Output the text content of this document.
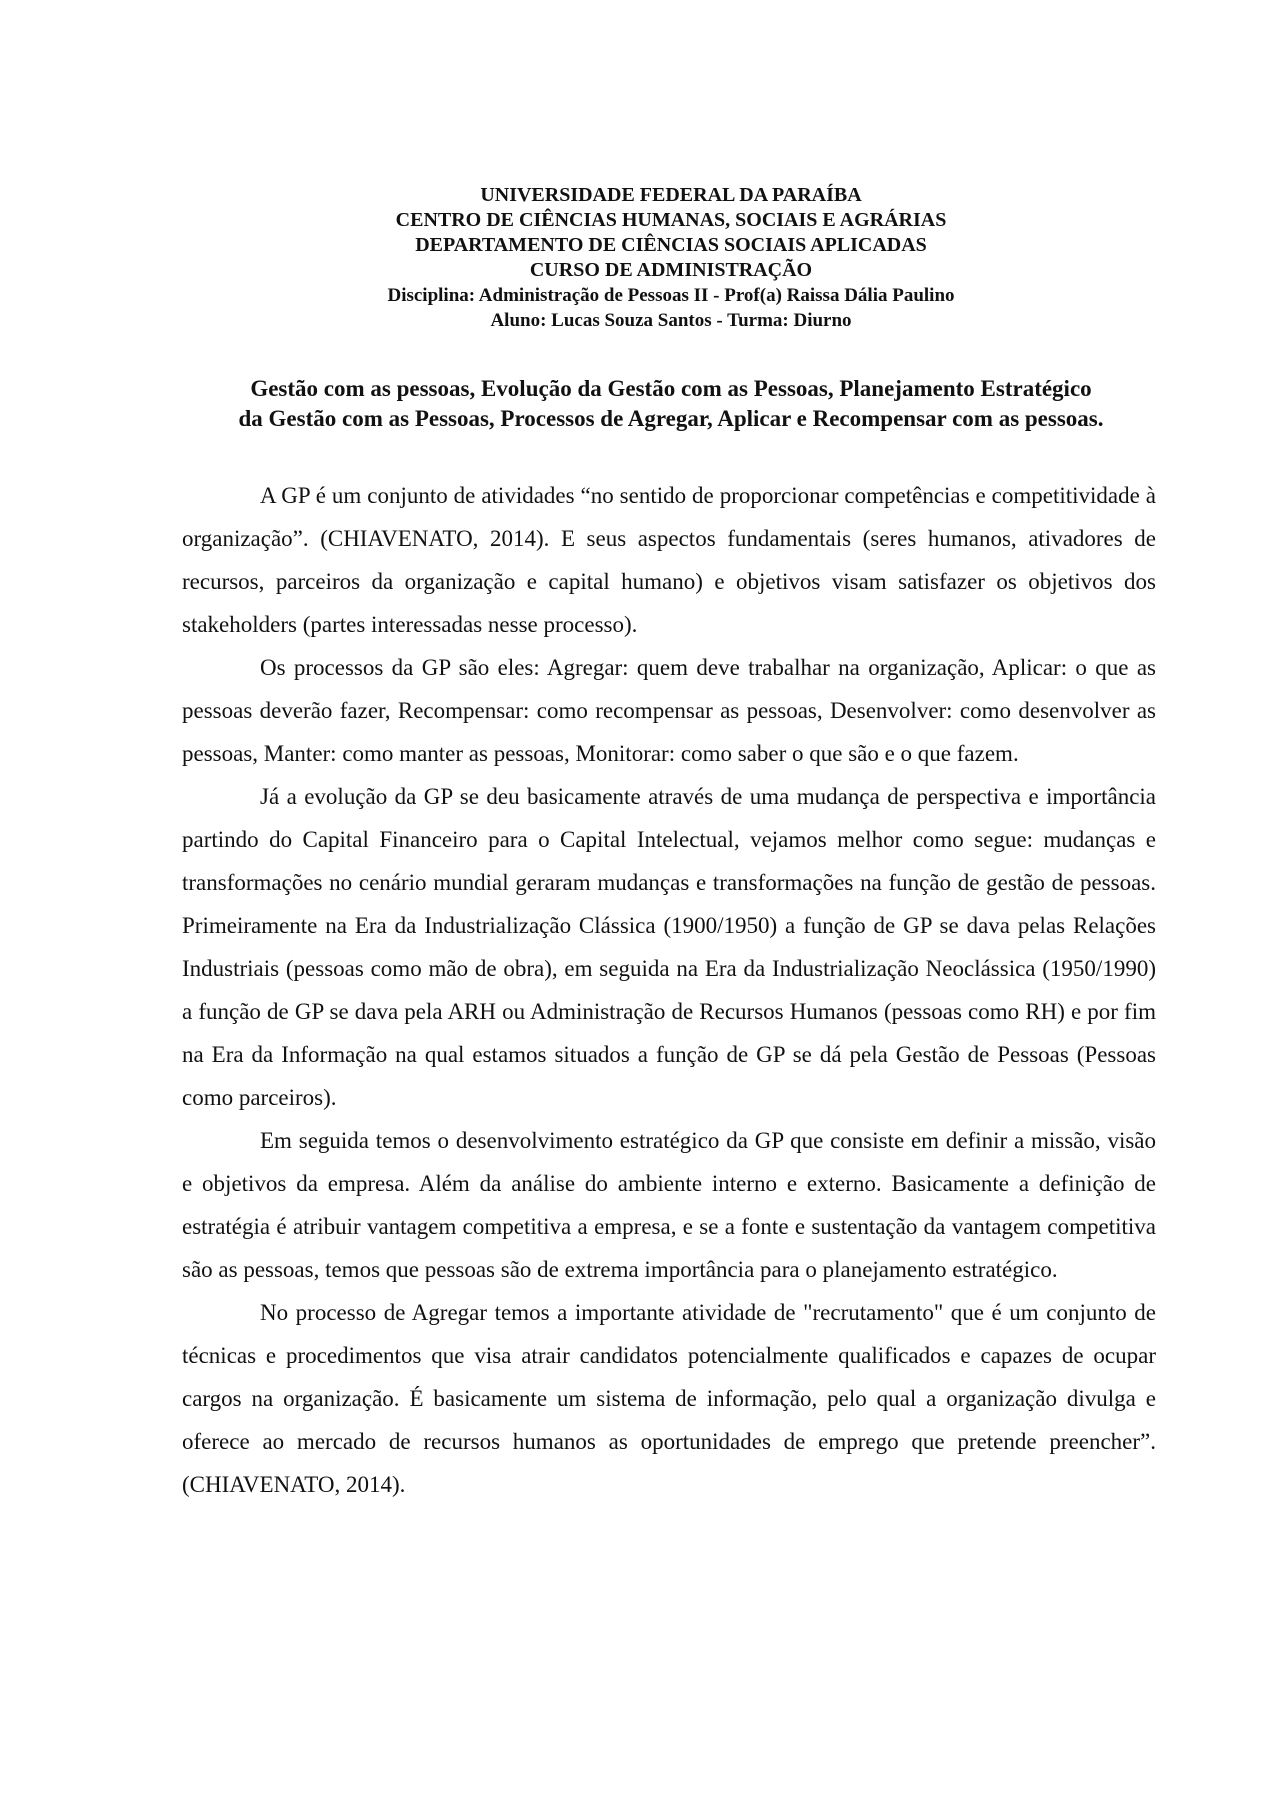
UNIVERSIDADE FEDERAL DA PARAÍBA
CENTRO DE CIÊNCIAS HUMANAS, SOCIAIS E AGRÁRIAS
DEPARTAMENTO DE CIÊNCIAS SOCIAIS APLICADAS
CURSO DE ADMINISTRAÇÃO
Disciplina: Administração de Pessoas II - Prof(a) Raissa Dália Paulino
Aluno: Lucas Souza Santos - Turma: Diurno
Gestão com as pessoas, Evolução da Gestão com as Pessoas, Planejamento Estratégico
da Gestão com as Pessoas, Processos de Agregar, Aplicar e Recompensar com as pessoas.

A GP é um conjunto de atividades “no sentido de proporcionar competências e competitividade à organização”. (CHIAVENATO, 2014). E seus aspectos fundamentais (seres humanos, ativadores de recursos, parceiros da organização e capital humano) e objetivos visam satisfazer os objetivos dos stakeholders (partes interessadas nesse processo).

Os processos da GP são eles: Agregar: quem deve trabalhar na organização, Aplicar: o que as pessoas deverão fazer, Recompensar: como recompensar as pessoas, Desenvolver: como desenvolver as pessoas, Manter: como manter as pessoas, Monitorar: como saber o que são e o que fazem.

Já a evolução da GP se deu basicamente através de uma mudança de perspectiva e importância partindo do Capital Financeiro para o Capital Intelectual, vejamos melhor como segue: mudanças e transformações no cenário mundial geraram mudanças e transformações na função de gestão de pessoas. Primeiramente na Era da Industrialização Clássica (1900/1950) a função de GP se dava pelas Relações Industriais (pessoas como mão de obra), em seguida na Era da Industrialização Neoclássica (1950/1990) a função de GP se dava pela ARH ou Administração de Recursos Humanos (pessoas como RH) e por fim na Era da Informação na qual estamos situados a função de GP se dá pela Gestão de Pessoas (Pessoas como parceiros).

Em seguida temos o desenvolvimento estratégico da GP que consiste em definir a missão, visão e objetivos da empresa. Além da análise do ambiente interno e externo. Basicamente a definição de estratégia é atribuir vantagem competitiva a empresa, e se a fonte e sustentação da vantagem competitiva são as pessoas, temos que pessoas são de extrema importância para o planejamento estratégico.

No processo de Agregar temos a importante atividade de "recrutamento" que é um conjunto de técnicas e procedimentos que visa atrair candidatos potencialmente qualificados e capazes de ocupar cargos na organização. É basicamente um sistema de informação, pelo qual a organização divulga e oferece ao mercado de recursos humanos as oportunidades de emprego que pretende preencher”. (CHIAVENATO, 2014).
